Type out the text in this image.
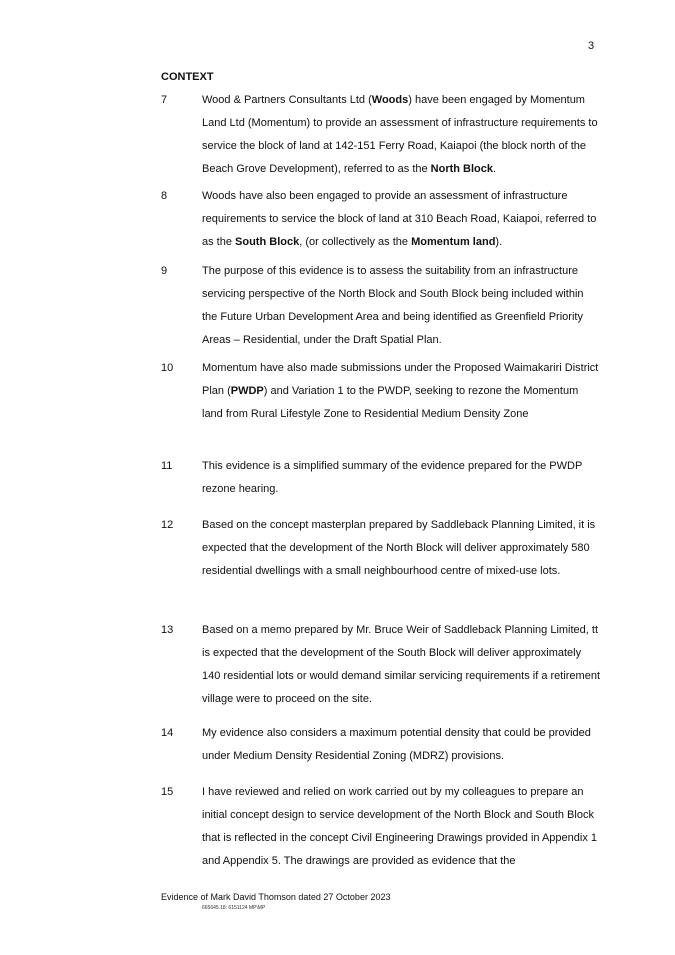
3
CONTEXT
7	Wood & Partners Consultants Ltd (Woods) have been engaged by Momentum Land Ltd (Momentum) to provide an assessment of infrastructure requirements to service the block of land at 142-151 Ferry Road, Kaiapoi (the block north of the Beach Grove Development), referred to as the North Block.
8	Woods have also been engaged to provide an assessment of infrastructure requirements to service the block of land at 310 Beach Road, Kaiapoi, referred to as the South Block, (or collectively as the Momentum land).
9	The purpose of this evidence is to assess the suitability from an infrastructure servicing perspective of the North Block and South Block being included within the Future Urban Development Area and being identified as Greenfield Priority Areas – Residential, under the Draft Spatial Plan.
10	Momentum have also made submissions under the Proposed Waimakariri District Plan (PWDP) and Variation 1 to the PWDP, seeking to rezone the Momentum land from Rural Lifestyle Zone to Residential Medium Density Zone
11	This evidence is a simplified summary of the evidence prepared for the PWDP rezone hearing.
12	Based on the concept masterplan prepared by Saddleback Planning Limited, it is expected that the development of the North Block will deliver approximately 580 residential dwellings with a small neighbourhood centre of mixed-use lots.
13	Based on a memo prepared by Mr. Bruce Weir of Saddleback Planning Limited, tt is expected that the development of the South Block will deliver approximately 140 residential lots or would demand similar servicing requirements if a retirement village were to proceed on the site.
14	My evidence also considers a maximum potential density that could be provided under Medium Density Residential Zoning (MDRZ) provisions.
15	I have reviewed and relied on work carried out by my colleagues to prepare an initial concept design to service development of the North Block and South Block that is reflected in the concept Civil Engineering Drawings provided in Appendix 1 and Appendix 5. The drawings are provided as evidence that the
Evidence of Mark David Thomson dated 27 October 2023
665645.18: 6151124 MP\MP
